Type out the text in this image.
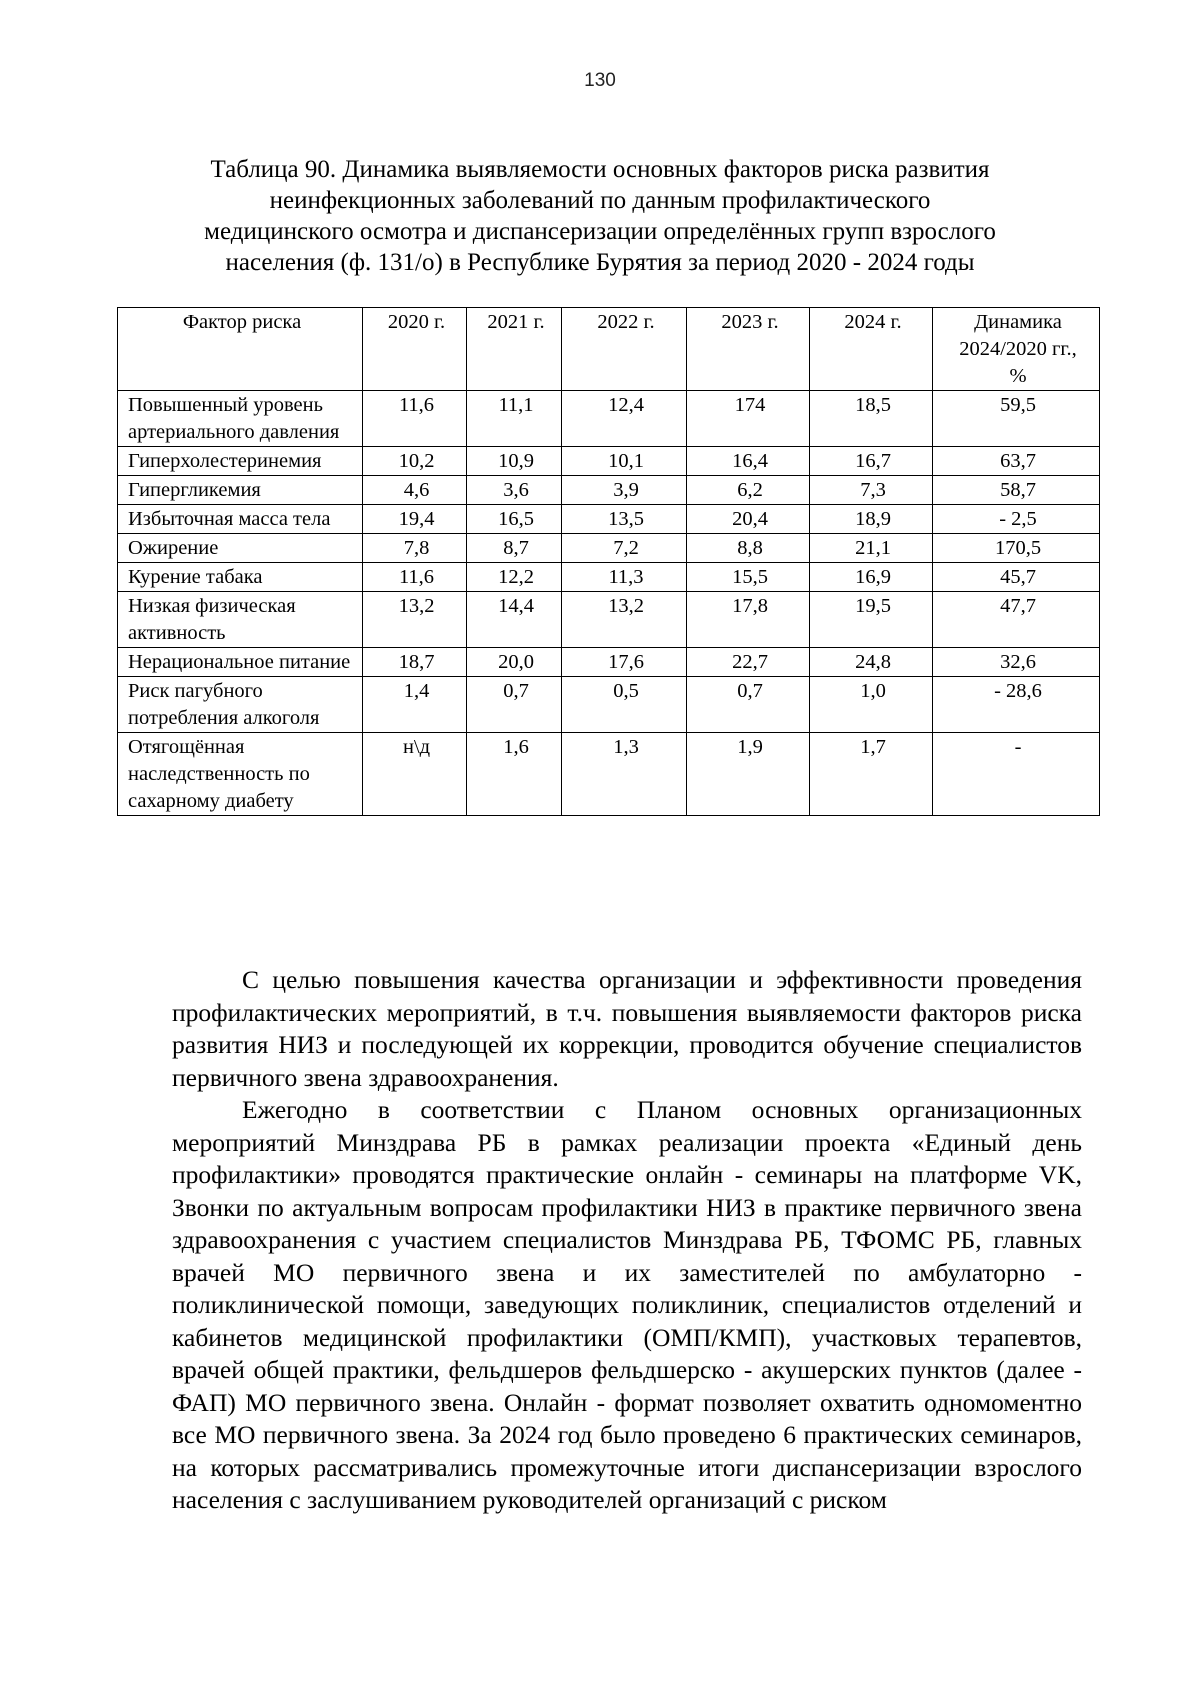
130
Таблица 90. Динамика выявляемости основных факторов риска развития
неинфекционных заболеваний по данным профилактического
медицинского осмотра и диспансеризации определённых групп взрослого
населения (ф. 131/о) в Республике Бурятия за период 2020 - 2024 годы
Фактор риска	2020 г.	2021 г.	2022 г.	2023 г.	2024 г.	Динамика 2024/2020 гг., %
Повышенный уровень артериального давления	11,6	11,1	12,4	174	18,5	59,5
Гиперхолестеринемия	10,2	10,9	10,1	16,4	16,7	63,7
Гипергликемия	4,6	3,6	3,9	6,2	7,3	58,7
Избыточная масса тела	19,4	16,5	13,5	20,4	18,9	- 2,5
Ожирение	7,8	8,7	7,2	8,8	21,1	170,5
Курение табака	11,6	12,2	11,3	15,5	16,9	45,7
Низкая физическая активность	13,2	14,4	13,2	17,8	19,5	47,7
Нерациональное питание	18,7	20,0	17,6	22,7	24,8	32,6
Риск пагубного потребления алкоголя	1,4	0,7	0,5	0,7	1,0	- 28,6
Отягощённая наследственность по сахарному диабету	н\д	1,6	1,3	1,9	1,7	-

С целью повышения качества организации и эффективности проведения профилактических мероприятий, в т.ч. повышения выявляемости факторов риска развития НИЗ и последующей их коррекции, проводится обучение специалистов первичного звена здравоохранения.

Ежегодно в соответствии с Планом основных организационных мероприятий Минздрава РБ в рамках реализации проекта «Единый день профилактики» проводятся практические онлайн - семинары на платформе VK, Звонки по актуальным вопросам профилактики НИЗ в практике первичного звена здравоохранения с участием специалистов Минздрава РБ, ТФОМС РБ, главных врачей МО первичного звена и их заместителей по амбулаторно - поликлинической помощи, заведующих поликлиник, специалистов отделений и кабинетов медицинской профилактики (ОМП/КМП), участковых терапевтов, врачей общей практики, фельдшеров фельдшерско - акушерских пунктов (далее - ФАП) МО первичного звена. Онлайн - формат позволяет охватить одномоментно все МО первичного звена. За 2024 год было проведено 6 практических семинаров, на которых рассматривались промежуточные итоги диспансеризации взрослого населения с заслушиванием руководителей организаций с риском
